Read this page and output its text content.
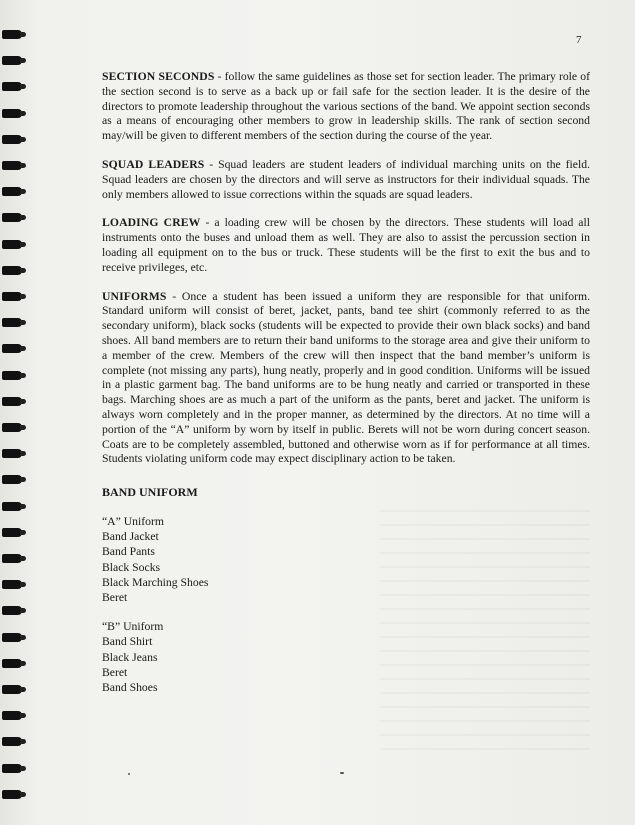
7

SECTION SECONDS - follow the same guidelines as those set for section leader. The primary role of the section second is to serve as a back up or fail safe for the section leader. It is the desire of the directors to promote leadership throughout the various sections of the band. We appoint section seconds as a means of encouraging other members to grow in leadership skills. The rank of section second may/will be given to different members of the section during the course of the year.

SQUAD LEADERS - Squad leaders are student leaders of individual marching units on the field. Squad leaders are chosen by the directors and will serve as instructors for their individual squads. The only members allowed to issue corrections within the squads are squad leaders.

LOADING CREW - a loading crew will be chosen by the directors. These students will load all instruments onto the buses and unload them as well. They are also to assist the percussion section in loading all equipment on to the bus or truck. These students will be the first to exit the bus and to receive privileges, etc.

UNIFORMS - Once a student has been issued a uniform they are responsible for that uniform. Standard uniform will consist of beret, jacket, pants, band tee shirt (commonly referred to as the secondary uniform), black socks (students will be expected to provide their own black socks) and band shoes. All band members are to return their band uniforms to the storage area and give their uniform to a member of the crew. Members of the crew will then inspect that the band member’s uniform is complete (not missing any parts), hung neatly, properly and in good condition. Uniforms will be issued in a plastic garment bag. The band uniforms are to be hung neatly and carried or transported in these bags. Marching shoes are as much a part of the uniform as the pants, beret and jacket. The uniform is always worn completely and in the proper manner, as determined by the directors. At no time will a portion of the “A” uniform by worn by itself in public. Berets will not be worn during concert season. Coats are to be completely assembled, buttoned and otherwise worn as if for performance at all times. Students violating uniform code may expect disciplinary action to be taken.

BAND UNIFORM
“A” Uniform
Band Jacket
Band Pants
Black Socks
Black Marching Shoes
Beret
“B” Uniform
Band Shirt
Black Jeans
Beret
Band Shoes
